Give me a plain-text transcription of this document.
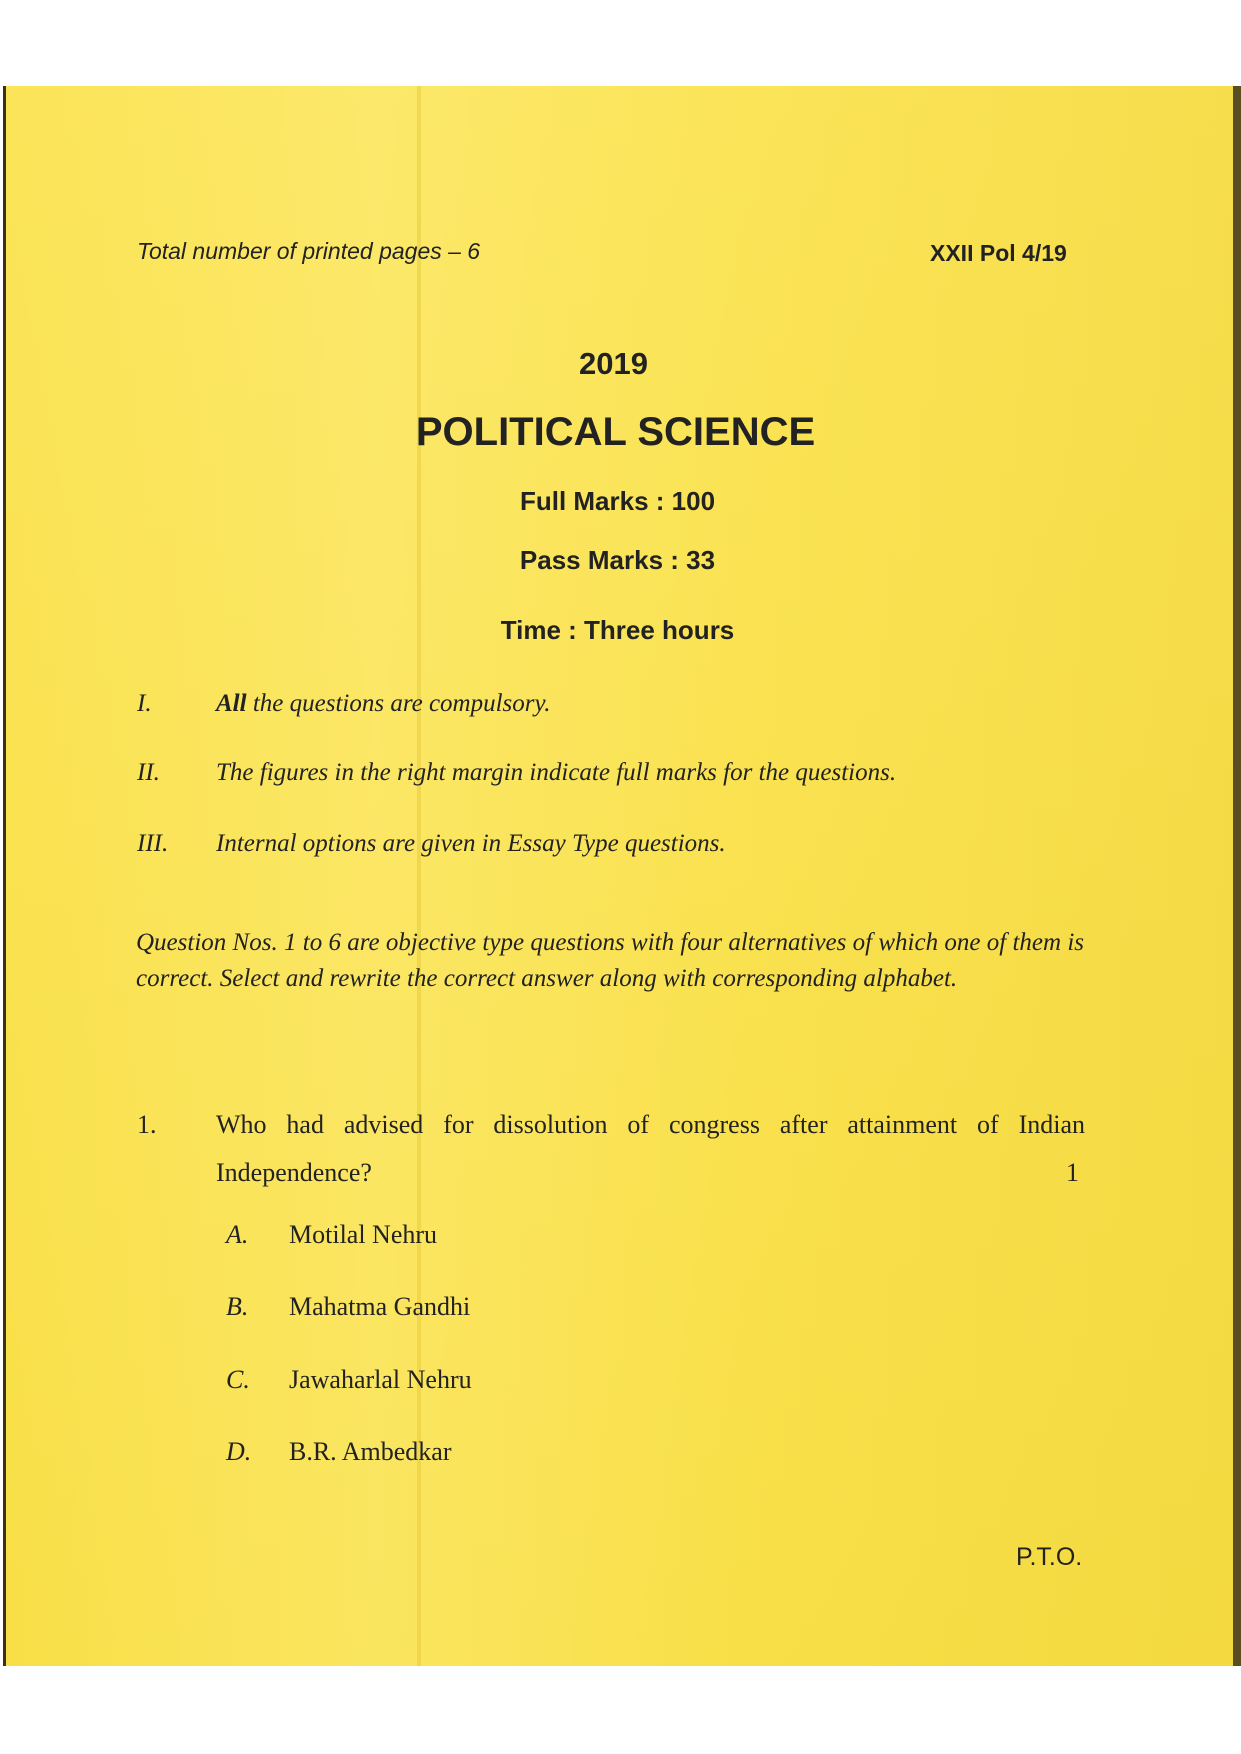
Total number of printed pages – 6	XXII Pol 4/19
2019
POLITICAL SCIENCE
Full Marks : 100
Pass Marks : 33
Time : Three hours
I.	All the questions are compulsory.
II. The figures in the right margin indicate full marks for the questions.
III. Internal options are given in Essay Type questions.
Question Nos. 1 to 6 are objective type questions with four alternatives of which one of them is correct. Select and rewrite the correct answer along with corresponding alphabet.
1. Who had advised for dissolution of congress after attainment of Indian
Independence?	1
A. Motilal Nehru
B. Mahatma Gandhi
C. Jawaharlal Nehru
D. B.R. Ambedkar
P.T.O.
